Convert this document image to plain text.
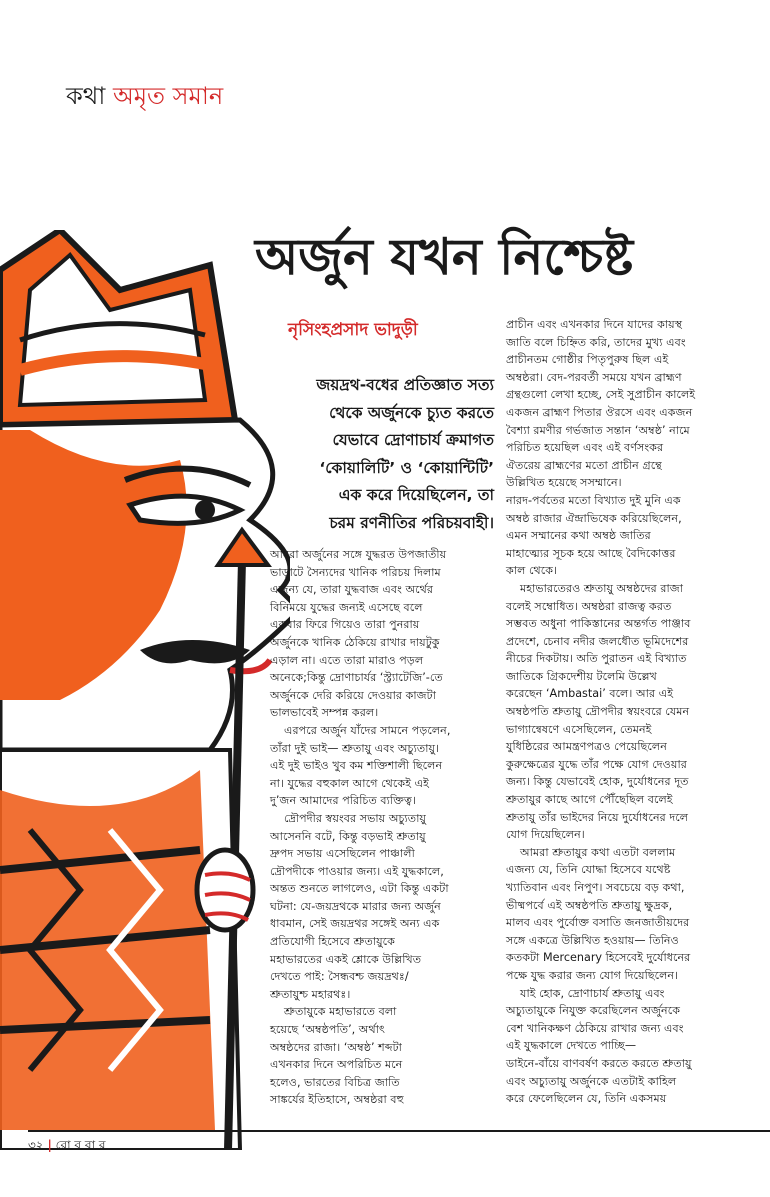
কথা অমৃত সমান
অর্জুন যখন নিশ্চেষ্ট
নৃসিংহপ্রসাদ ভাদুড়ী
জয়দ্রথ-বধের প্রতিজ্ঞাত সত্য
থেকে অর্জুনকে চ্যুত করতে
যেভাবে দ্রোণাচার্য ক্রমাগত
‘কোয়ালিটি’ ও ‘কোয়ান্টিটি’
এক করে দিয়েছিলেন, তা
চরম রণনীতির পরিচয়বাহী।

আমরা অর্জুনের সঙ্গে যুদ্ধরত উপজাতীয়

ভাড়াটে সৈন্যদের খানিক পরিচয় দিলাম

এজন্য যে, তারা যুদ্ধবাজ এবং অর্থের

বিনিময়ে যুদ্ধের জন্যই এসেছে বলে

একবার ফিরে গিয়েও তারা পুনরায়

অর্জুনকে খানিক ঠেকিয়ে রাখার দায়টুকু

এড়াল না। এতে তারা মারাও পড়ল

অনেকে;কিন্তু দ্রোণাচার্যর ‘স্ট্র্যাটেজি’-তে

অর্জুনকে দেরি করিয়ে দেওয়ার কাজটা

ভালভাবেই সম্পন্ন করল।

এরপরে অর্জুন যাঁদের সামনে পড়লেন,

তাঁরা দুই ভাই— শ্রুতায়ু এবং অচ্যুতায়ু।

এই দুই ভাইও খুব কম শক্তিশালী ছিলেন

না। যুদ্ধের বহুকাল আগে থেকেই এই

দু’জন আমাদের পরিচিত ব্যক্তিত্ব।

দ্রৌপদীর স্বয়ংবর সভায় অচ্যুতায়ু

আসেননি বটে, কিন্তু বড়ভাই শ্রুতায়ু

দ্রুপদ সভায় এসেছিলেন পাঞ্চালী

দ্রৌপদীকে পাওয়ার জন্য। এই যুদ্ধকালে,

অন্তত শুনতে লাগলেও, এটা কিন্তু একটা

ঘটনা: যে-জয়দ্রথকে মারার জন্য অর্জুন

ধাবমান, সেই জয়দ্রথর সঙ্গেই অন্য এক

প্রতিযোগী হিসেবে শ্রুতায়ুকে

মহাভারতের একই শ্লোকে উল্লিখিত

দেখতে পাই: সৈন্ধবশ্চ জয়দ্রথঃ/

শ্রুতায়ুশ্চ মহারথঃ।

শ্রুতায়ুকে মহাভারতে বলা

হয়েছে ‘অম্বষ্ঠপতি’, অর্থাৎ

অম্বষ্ঠদের রাজা। ‘অম্বষ্ঠ’ শব্দটা

এখনকার দিনে অপরিচিত মনে

হলেও, ভারতের বিচিত্র জাতি

সাঙ্কর্যের ইতিহাসে, অম্বষ্ঠরা বহু

প্রাচীন এবং এখনকার দিনে যাদের কায়স্থ

জাতি বলে চিহ্নিত করি, তাদের মুখ্য এবং

প্রাচীনতম গোষ্ঠীর পিতৃপুরুষ ছিল এই

অম্বষ্ঠরা। বেদ-পরবর্তী সময়ে যখন ব্রাহ্মণ

গ্রন্থগুলো লেখা হচ্ছে, সেই সুপ্রাচীন কালেই

একজন ব্রাহ্মণ পিতার ঔরসে এবং একজন

বৈশ্যা রমণীর গর্ভজাত সন্তান ‘অম্বষ্ঠ’ নামে

পরিচিত হয়েছিল এবং এই বর্ণসংকর

ঐতরেয় ব্রাহ্মণের মতো প্রাচীন গ্রন্থে

উল্লিখিত হয়েছে সসম্মানে।

নারদ-পর্বতের মতো বিখ্যাত দুই মুনি এক

অম্বষ্ঠ রাজার ঐন্দ্রাভিষেক করিয়েছিলেন,

এমন সম্মানের কথা অম্বষ্ঠ জাতির

মাহাত্ম্যের সূচক হয়ে আছে বৈদিকোত্তর

কাল থেকে।

মহাভারতেরও শ্রুতায়ু অম্বষ্ঠদের রাজা

বলেই সম্বোধিত। অম্বষ্ঠরা রাজত্ব করত

সম্ভবত অধুনা পাকিস্তানের অন্তর্গত পাঞ্জাব

প্রদেশে, চেনাব নদীর জলধৌত ভূমিদেশের

নীচের দিকটায়। অতি পুরাতন এই বিখ্যাত

জাতিকে গ্রিকদেশীয় টলেমি উল্লেখ

করেছেন ‘Ambastai’ বলে। আর এই

অম্বষ্ঠপতি শ্রুতায়ু দ্রৌপদীর স্বয়ংবরে যেমন

ভাগ্যান্বেষণে এসেছিলেন, তেমনই

যুধিষ্ঠিরের আমন্ত্রণপত্রও পেয়েছিলেন

কুরুক্ষেত্রের যুদ্ধে তাঁর পক্ষে যোগ দেওয়ার

জন্য। কিন্তু যেভাবেই হোক, দুর্যোধনের দূত

শ্রুতায়ুর কাছে আগে পৌঁছেছিল বলেই

শ্রুতায়ু তাঁর ভাইদের নিয়ে দুর্যোধনের দলে

যোগ দিয়েছিলেন।

আমরা শ্রুতায়ুর কথা এতটা বললাম

এজন্য যে, তিনি যোদ্ধা হিসেবে যথেষ্ট

খ্যাতিবান এবং নিপুণ। সবচেয়ে বড় কথা,

ভীষ্মপর্বে এই অম্বষ্ঠপতি শ্রুতায়ু ক্ষুদ্রক,

মালব এবং পুর্বোক্ত বসাতি জনজাতীয়দের

সঙ্গে একত্রে উল্লিখিত হওয়ায়— তিনিও

কতকটা Mercenary হিসেবেই দুর্যোধনের

পক্ষে যুদ্ধ করার জন্য যোগ দিয়েছিলেন।

যাই হোক, দ্রোণাচার্য শ্রুতায়ু এবং

অচ্যুতায়ুকে নিযুক্ত করেছিলেন অর্জুনকে

বেশ খানিকক্ষণ ঠেকিয়ে রাখার জন্য এবং

এই যুদ্ধকালে দেখতে পাচ্ছি—

ডাইনে-বাঁয়ে বাণবর্ষণ করতে করতে শ্রুতায়ু

এবং অচ্যুতায়ু অর্জুনকে এতটাই কাহিল

করে ফেলেছিলেন যে, তিনি একসময়

৩২ | রো ব বা র
